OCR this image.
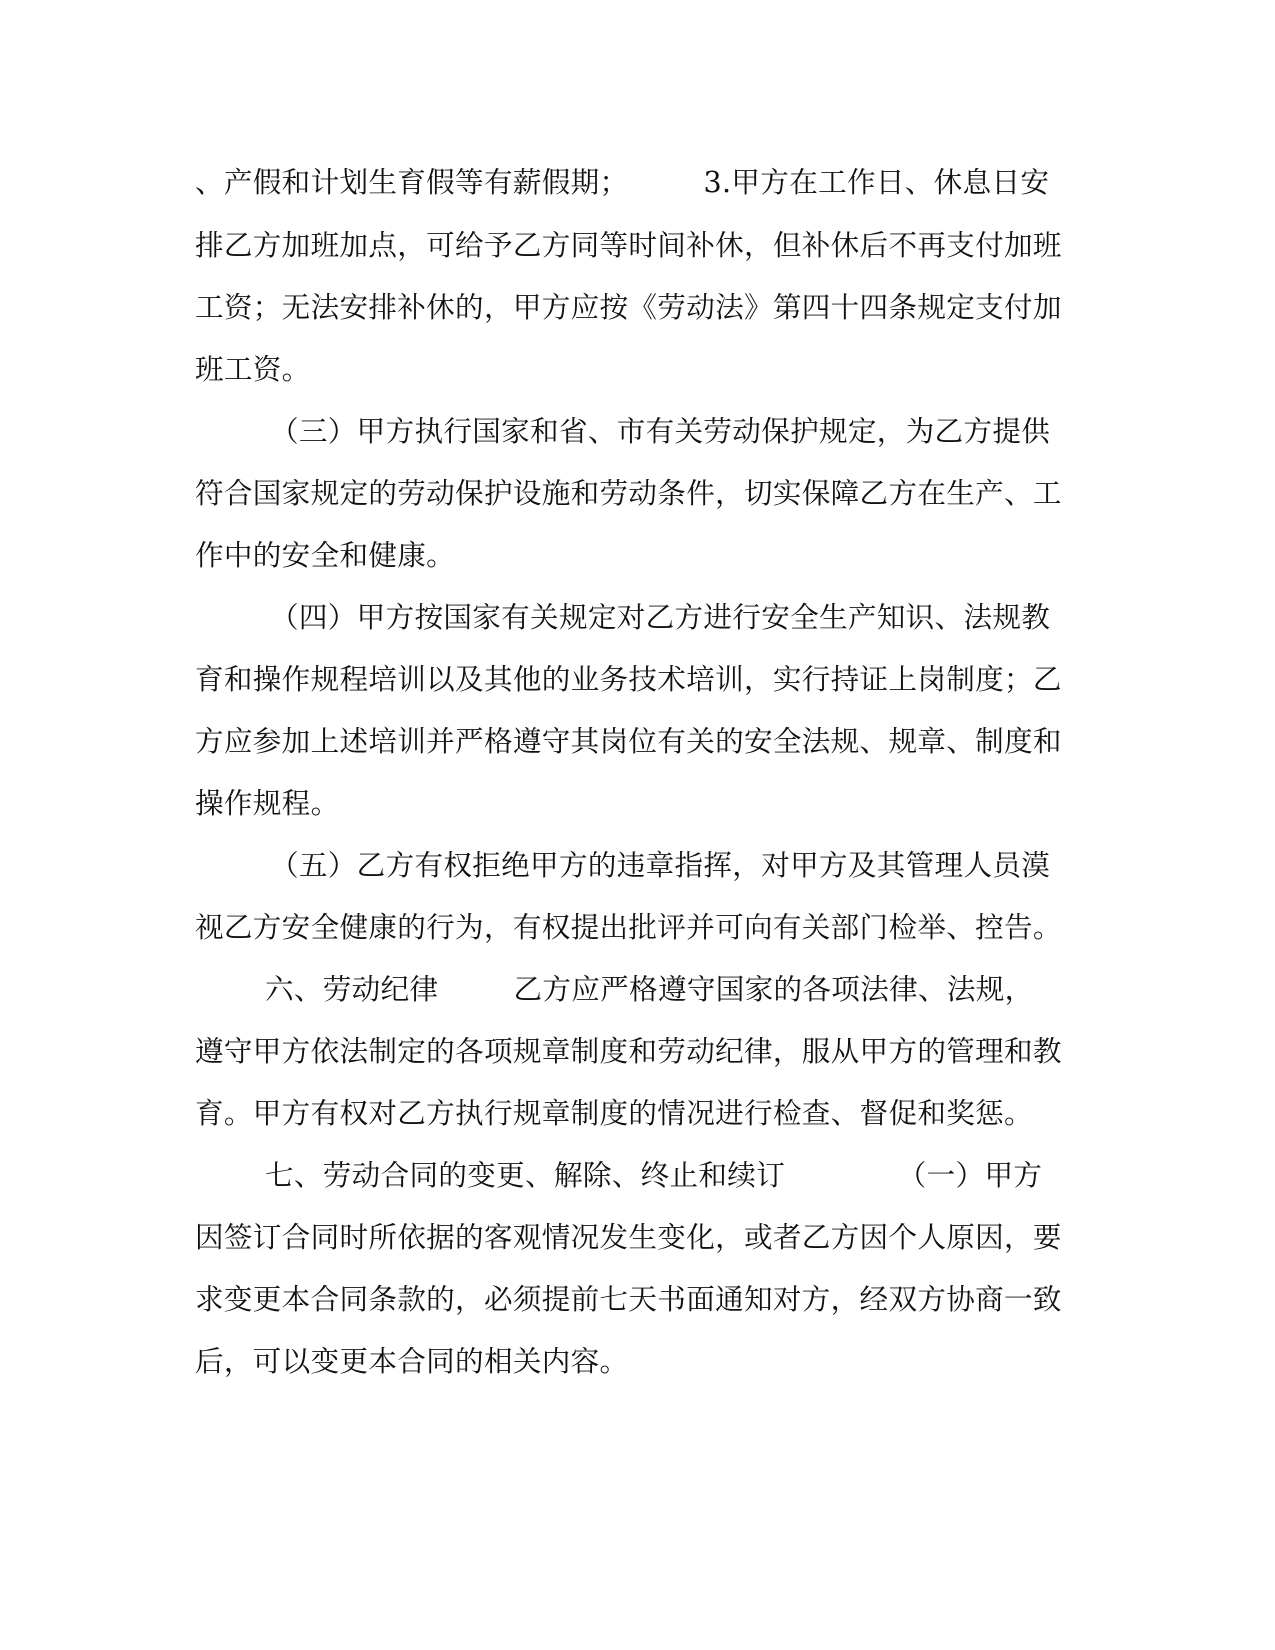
、产假和计划生育假等有薪假期；        3.甲方在工作日、休息日安
排乙方加班加点，可给予乙方同等时间补休，但补休后不再支付加班
工资；无法安排补休的，甲方应按《劳动法》第四十四条规定支付加
班工资。
（三）甲方执行国家和省、市有关劳动保护规定，为乙方提供
符合国家规定的劳动保护设施和劳动条件，切实保障乙方在生产、工
作中的安全和健康。
（四）甲方按国家有关规定对乙方进行安全生产知识、法规教
育和操作规程培训以及其他的业务技术培训，实行持证上岗制度；乙
方应参加上述培训并严格遵守其岗位有关的安全法规、规章、制度和
操作规程。
（五）乙方有权拒绝甲方的违章指挥，对甲方及其管理人员漠
视乙方安全健康的行为，有权提出批评并可向有关部门检举、控告。
六、劳动纪律        乙方应严格遵守国家的各项法律、法规，
遵守甲方依法制定的各项规章制度和劳动纪律，服从甲方的管理和教
育。甲方有权对乙方执行规章制度的情况进行检查、督促和奖惩。
七、劳动合同的变更、解除、终止和续订            （一）甲方
因签订合同时所依据的客观情况发生变化，或者乙方因个人原因，要
求变更本合同条款的，必须提前七天书面通知对方，经双方协商一致
后，可以变更本合同的相关内容。
